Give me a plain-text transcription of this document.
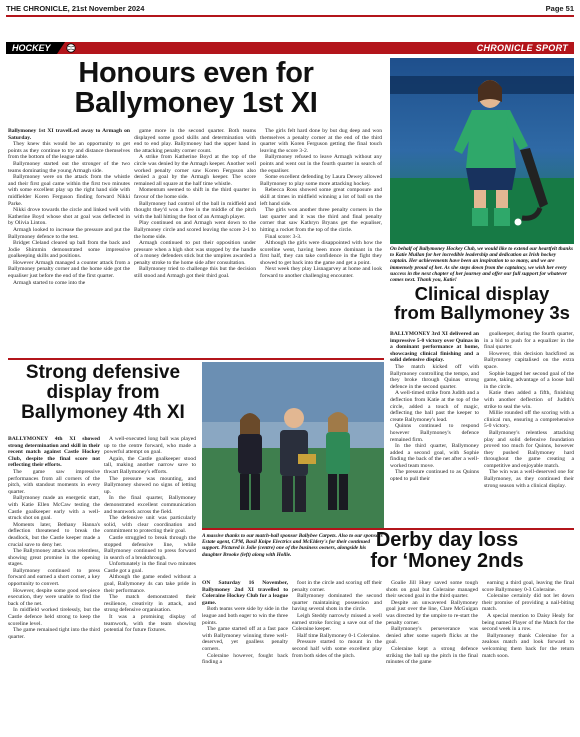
THE CHRONICLE, 21st November 2024	Page 51
HOCKEY	CHRONICLE SPORT
Honours even for
Ballymoney 1st XI

Ballymoney 1st XI travelLed away to Armagh on Saturday.

They knew this would be an opportunity to get points as they continue to try and distance themselves from the bottom of the league table.

Ballymoney started out the stronger of the two teams dominating the young Armagh side.

Ballymoney were on the attack from the whistle and their first goal came within the first two minutes with some excellent play up the right hand side with midfielder Koren Ferguson finding forward Nikki Parke.

Nikki drove towards the circle and linked well with Katherine Boyd whose shot at goal was deflected in by Olivia Linton.

Armagh looked to increase the pressure and put the Ballymoney defence to the test.

Bridget Cleland cleared up ball from the back and Jodie Shimmin demonstrated some impressive goalkeeping skills and positions.

However Armagh managed a counter attack from a Ballymoney penalty corner and the home side got the equaliser just before the end of the first quarter.

Armagh started to come into the

game more in the second quarter. Both teams displayed some good skills and determination with end to end play. Ballymoney had the upper hand in the attacking penalty corner count.

A strike from Katherine Boyd at the top of the circle was denied by the Armagh keeper. Another well worked penalty corner saw Koren Ferguson also denied a goal by the Armagh keeper. The score remained all square at the half time whistle.

Momentum seemed to shift in the third quarter in favour of the home side.

Ballymoney had control of the ball in midfield and thought they'd won a free in the middle of the pitch with the ball hitting the foot of an Armagh player.

Play continued on and Armagh went down to the Ballymoney circle and scored leaving the score 2-1 to the home side.

Armagh continued to put their opposition under pressure when a high shot was stopped by the handle of a money defenders stick but the umpires awarded a penalty stroke to the home side after consultation.

Ballymoney tried to challenge this but the decision still stood and Armagh got their third goal.

The girls felt hard done by but dug deep and won themselves a penalty corner at the end of the third quarter with Koren Ferguson getting the final touch leaving the score 3-2.

Ballymoney refused to leave Armagh without any points and went out in the fourth quarter in search of the equaliser.

Some excellent defending by Laura Dewey allowed Ballymoney to play some more attacking hockey.

Rebecca Ross showed some great composure and skill at times in midfield winning a lot of ball on the left hand side.

The girls won another three penalty corners in the last quarter and it was the third and final penalty corner that saw Kathryn Bryans get the equaliser, hitting a rocket from the top of the circle.

Final score: 3-3.

Although the girls were disappointed with how the scoreline went, having been more dominant in the first half, they can take confidence in the fight they showed to get back into the game and get a point.

Next week they play Lisnagarvey at home and look forward to another challenging encounter.

On behalf of Ballymoney Hockey Club, we would like to extend our heartfelt thanks to Katie Mullan for her incredible leadership and dedication as Irish hockey captain. Her achievements have been an inspiration to so many, and we are immensely proud of her. As she steps down from the captaincy, we wish her every success in the next chapter of her journey and offer our full support for whatever comes next. Thank you, Katie!
Clinical display
from Ballymoney 3s

BALLYMONEY 3rd XI delivered an impressive 5-0 victory over Quinas in a dominant performance at home, showcasing clinical finishing and a solid defensive display.

The match kicked off with Ballymoney controlling the tempo, and they broke through Quinas strong defence in the second quarter.

A well-timed strike from Judith and a deflection from Katie at the top of the circle, added a touch of magic, deflecting the ball past the keeper to create Ballymoney's lead.

Quinns continued to respond however Ballymoney's defence remained firm.

In the third quarter, Ballymoney added a second goal, with Sophie finding the back of the net after a well-worked team move.

The pressure continued to as Quinns opted to pull their

goalkeeper, during the fourth quarter, in a bid to push for a equalizer in the final quarter.

However, this decision backfired as Ballymoney capitalised on the extra space.

Sophie bagged her second goal of the game, taking advantage of a loose ball in the circle.

Katie then added a fifth, finishing with another deflection of Judith's strike to seal the win.

Millie rounded off the scoring with a clinical run, ensuring a comprehensive 5-0 victory.

Ballymoney's relentless attacking play and solid defensive foundation proved too much for Quinns, however they pushed Ballymoney hard throughout the game creating a competitive and enjoyable match.

The win was a well-deserved one for Ballymoney, as they continued their strong season with a clinical display.

Strong defensive
display from
Ballymoney 4th XI

BALLYMONEY 4th XI showed strong determination and skill in their recent match against Castle Hockey Club, despite the final score not reflecting their efforts.

The game saw impressive performances from all corners of the pitch, with standout moments in every quarter.

Ballymoney made an energetic start, with Katie Ellen McCaw testing the Castle goalkeeper early with a well-struck shot on goal.

Moments later, Bethany Hanna's deflection threatened to break the deadlock, but the Castle keeper made a crucial save to deny her.

The Ballymoney attack was relentless, showing great promise in the opening stages.

Ballymoney continued to press forward and earned a short corner, a key opportunity to convert.

However, despite some good set-piece execution, they were unable to find the back of the net.

In midfield worked tirelessly, but the Castle defence held strong to keep the scoreline level.

The game remained tight into the third quarter.

A well-executed long ball was played up to the centre forward, who made a powerful attempt on goal.

Again, the Castle goalkeeper stood tall, making another narrow save to thwart Ballymoney's efforts.

The pressure was mounting, and Ballymoney showed no signs of letting up.

In the final quarter, Ballymoney demonstrated excellent communication and teamwork across the field.

The defensive unit was particularly solid, with clear coordination and commitment to protecting their goal.

Castle struggled to break through the stopped defensive line, while Ballymoney continued to press forward in search of a breakthrough.

Unfortunately in the final two minutes Castle got a goal.

Although the game ended without a goal, Ballymoney 4s can take pride in their performance.

The match demonstrated their resilience, creativity in attack, and strong defensive organisation.

It was a promising display of teamwork, with the team showing potential for future fixtures.

A massive thanks to our match-ball sponsor Ballybee Carpets. Also to our sponsors Estate agent, CPM, Basil Knipe Electrics and McEldery's for their continued support. Pictured is Jolie (centre) one of the business owners, alongside his daughter Brooke (left) along with Hollie.
Derby day loss
for ‘Money 2nds

ON Saturday 16 November, Ballymoney 2nd XI travelled to Coleraine Hockey Club for a league game.

Both teams were side by side in the league and both eager to win the three points.

The game started off at a fast pace with Ballymoney winning three well-deserved, yet goalless penalty corners.

Coleraine however, fought back finding a

foot in the circle and scoring off their penalty corner.

Ballymoney dominated the second quarter maintaining possession and having several shots in the circle.

Leigh Steddy narrowly missed a well earned stroke forcing a save out of the Coleraine keeper.

Half time Ballymoney 0-1 Coleraine.

Pressure started to mount in the second half with some excellent play from both sides of the pitch.

Goalie Jill Huey saved some tough shots on goal but Coleraine managed their second goal in the third quarter.

Despite an unwavered Ballymoney goal just over the line, Clare McGuigan was directed by the umpire to re-start the penalty corner.

Ballymoney's perseverance was denied after some superb flicks at the goal.

Coleraine kept a strong defence striking the ball up the pitch in the final minutes of the game

earning a third goal, leaving the final score Ballymoney 0-3 Coleraine.

Coleraine certainly did not let down their promise of providing a nail-biting match.

A special mention to Daisy Healy for being named Player of the Match for the second week in a row.

Ballymoney thank Coleraine for a zealous match and look forward to welcoming them back for the return match soon.
